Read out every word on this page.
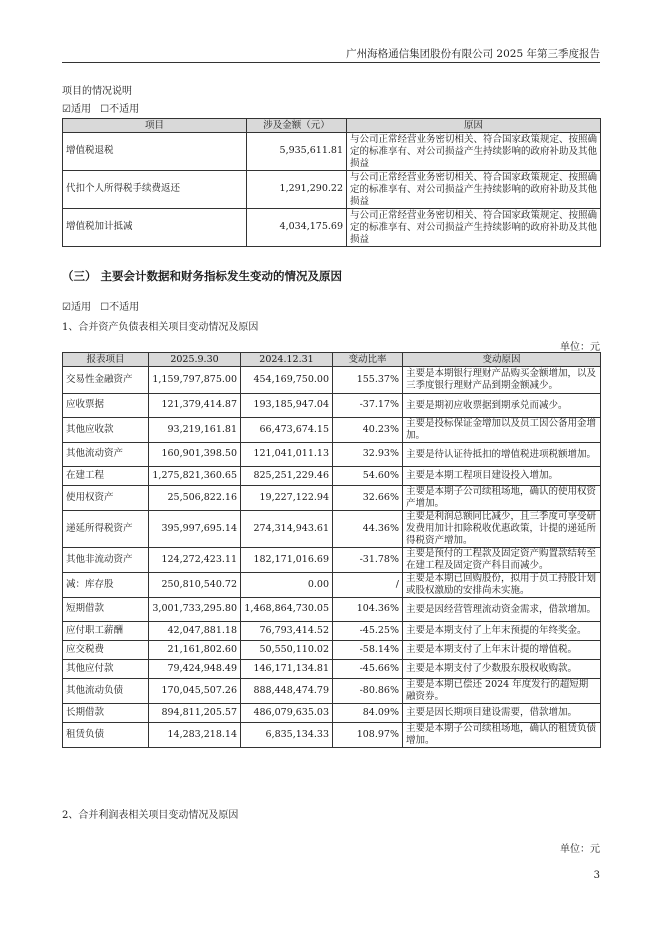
广州海格通信集团股份有限公司 2025 年第三季度报告
项目的情况说明
☑适用 ☐不适用
项目	涉及金额（元）	原因
增值税退税	5,935,611.81	与公司正常经营业务密切相关、符合国家政策规定、按照确定的标准享有、对公司损益产生持续影响的政府补助及其他损益
代扣个人所得税手续费返还	1,291,290.22	与公司正常经营业务密切相关、符合国家政策规定、按照确定的标准享有、对公司损益产生持续影响的政府补助及其他损益
增值税加计抵减	4,034,175.69	与公司正常经营业务密切相关、符合国家政策规定、按照确定的标准享有、对公司损益产生持续影响的政府补助及其他损益
（三） 主要会计数据和财务指标发生变动的情况及原因
☑适用 ☐不适用
1、合并资产负债表相关项目变动情况及原因
单位：元
报表项目	2025.9.30	2024.12.31	变动比率	变动原因
交易性金融资产	1,159,797,875.00	454,169,750.00	155.37%	主要是本期银行理财产品购买金额增加，以及三季度银行理财产品到期金额减少。
应收票据	121,379,414.87	193,185,947.04	-37.17%	主要是期初应收票据到期承兑而减少。
其他应收款	93,219,161.81	66,473,674.15	40.23%	主要是投标保证金增加以及员工因公备用金增加。
其他流动资产	160,901,398.50	121,041,011.13	32.93%	主要是待认证待抵扣的增值税进项税额增加。
在建工程	1,275,821,360.65	825,251,229.46	54.60%	主要是本期工程项目建设投入增加。
使用权资产	25,506,822.16	19,227,122.94	32.66%	主要是本期子公司续租场地，确认的使用权资产增加。
递延所得税资产	395,997,695.14	274,314,943.61	44.36%	主要是利润总额同比减少，且三季度可享受研发费用加计扣除税收优惠政策，计提的递延所得税资产增加。
其他非流动资产	124,272,423.11	182,171,016.69	-31.78%	主要是预付的工程款及固定资产购置款结转至在建工程及固定资产科目而减少。
减：库存股	250,810,540.72	0.00	/	主要是本期已回购股份，拟用于员工持股计划或股权激励的安排尚未实施。
短期借款	3,001,733,295.80	1,468,864,730.05	104.36%	主要是因经营管理流动资金需求，借款增加。
应付职工薪酬	42,047,881.18	76,793,414.52	-45.25%	主要是本期支付了上年末预提的年终奖金。
应交税费	21,161,802.60	50,550,110.02	-58.14%	主要是本期支付了上年末计提的增值税。
其他应付款	79,424,948.49	146,171,134.81	-45.66%	主要是本期支付了少数股东股权收购款。
其他流动负债	170,045,507.26	888,448,474.79	-80.86%	主要是本期已偿还 2024 年度发行的超短期融资券。
长期借款	894,811,205.57	486,079,635.03	84.09%	主要是因长期项目建设需要，借款增加。
租赁负债	14,283,218.14	6,835,134.33	108.97%	主要是本期子公司续租场地，确认的租赁负债增加。
2、合并利润表相关项目变动情况及原因
单位：元
3
